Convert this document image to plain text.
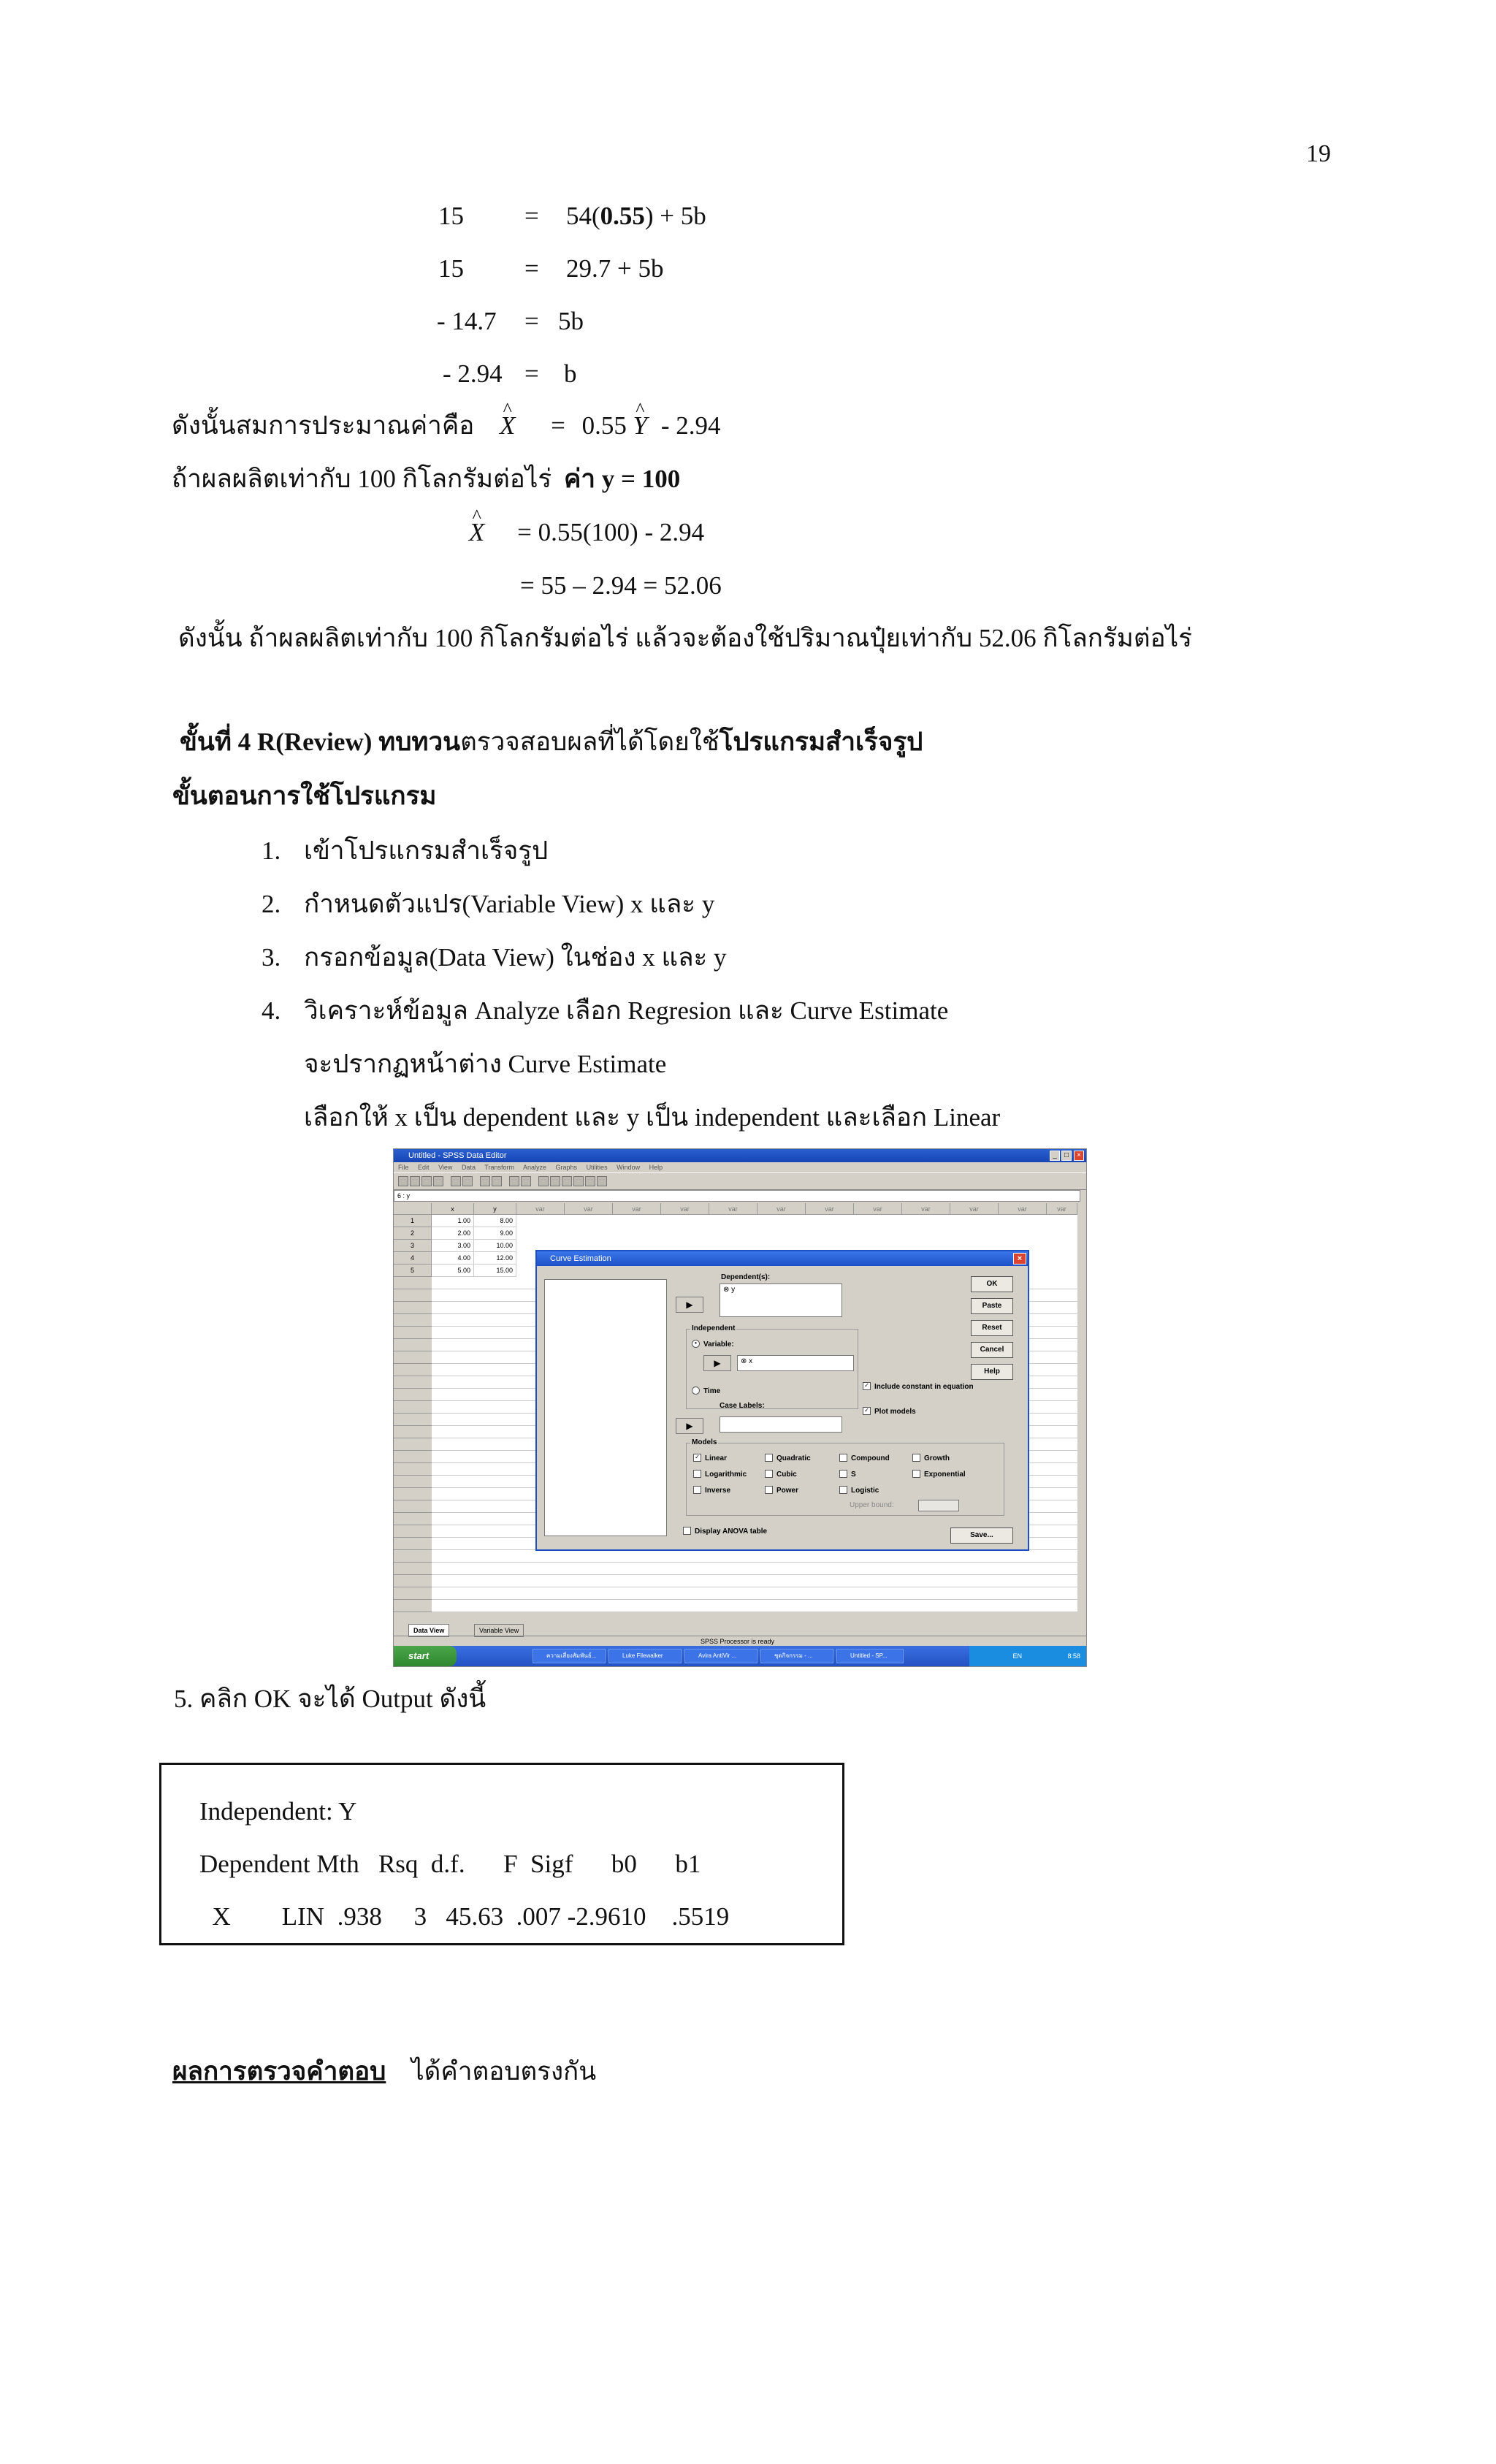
19
15 = 54(0.55) + 5b
15 = 29.7 + 5b
- 14.7 = 5b
- 2.94 = b
ดังนั้นสมการประมาณค่าคือ ^ X = 0.55 ^ Y - 2.94
ถ้าผลผลิตเท่ากับ 100 กิโลกรัมต่อไร่ ค่า y = 100
^ X = 0.55(100) - 2.94
= 55 – 2.94 = 52.06
ดังนั้น ถ้าผลผลิตเท่ากับ 100 กิโลกรัมต่อไร่ แล้วจะต้องใช้ปริมาณปุ๋ยเท่ากับ 52.06 กิโลกรัมต่อไร่
ขั้นที่ 4 R(Review) ทบทวนตรวจสอบผลที่ได้โดยใช้โปรแกรมสำเร็จรูป
ขั้นตอนการใช้โปรแกรม
1. เข้าโปรแกรมสำเร็จรูป
2. กำหนดตัวแปร(Variable View) x และ y
3. กรอกข้อมูล(Data View) ในช่อง x และ y
4. วิเคราะห์ข้อมูล Analyze เลือก Regresion และ Curve Estimate
จะปรากฏหน้าต่าง Curve Estimate
เลือกให้ x เป็น dependent และ y เป็น independent และเลือก Linear
Untitled - SPSS Data Editor	_	□	×
File Edit View Data Transform Analyze Graphs Utilities Window Help
6 : y
x	y	var	var	var	var	var	var	var	var	var	var	var	var
1	1.00	8.00
2	2.00	9.00
3	3.00	10.00
4	4.00	12.00
5	5.00	15.00
Data View	Variable View
SPSS Processor is ready
start	ความเสี่ยงสัมพันธ์...	Luke Filewalker	Avira AntiVir ...	ชุดกิจกรรม - ...	Untitled - SP...	EN	8:58
Curve Estimation	×
Dependent(s):
▶
⊗ y
Independent
• Variable:
▶	⊗ x
Time
✓ Include constant in equation
✓ Plot models
Case Labels:
▶
Models
✓ Linear	Quadratic	Compound	Growth
Logarithmic	Cubic	S	Exponential
Inverse	Power	Logistic
Upper bound:
Display ANOVA table
OK
Paste
Reset
Cancel
Help
Save...
5. คลิก OK จะได้ Output ดังนี้
Independent: Y
Dependent Mth   Rsq  d.f.      F  Sigf      b0      b1
X        LIN  .938     3   45.63  .007 -2.9610    .5519
ผลการตรวจคำตอบ ได้คำตอบตรงกัน
